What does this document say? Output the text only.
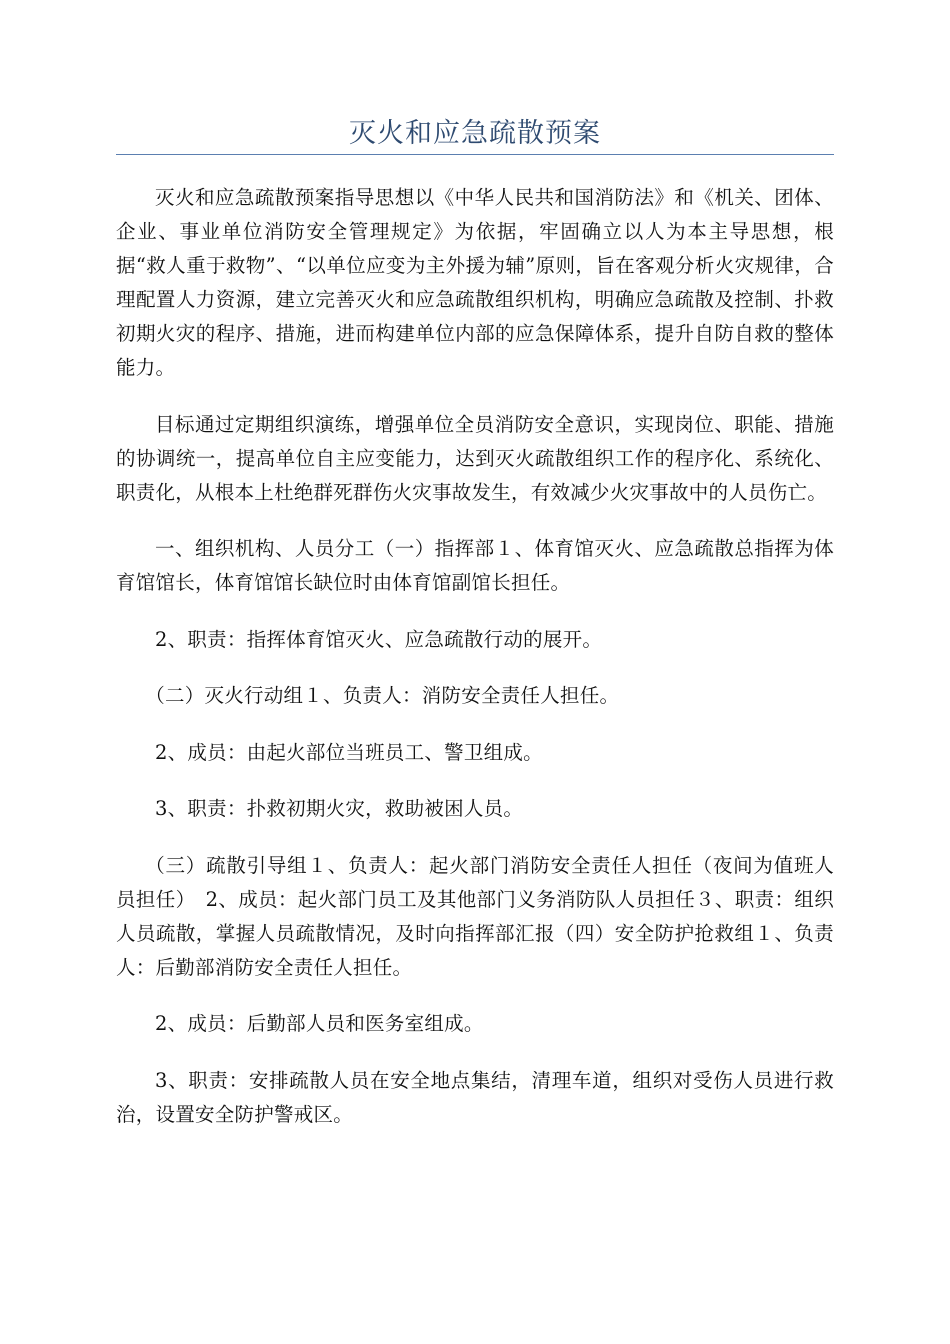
灭火和应急疏散预案

灭火和应急疏散预案指导思想以《中华人民共和国消防法》和《机关、团体、企业、事业单位消防安全管理规定》为依据，牢固确立以人为本主导思想，根据“救人重于救物”、“以单位应变为主外援为辅”原则，旨在客观分析火灾规律，合理配置人力资源，建立完善灭火和应急疏散组织机构，明确应急疏散及控制、扑救初期火灾的程序、措施，进而构建单位内部的应急保障体系，提升自防自救的整体能力。

目标通过定期组织演练，增强单位全员消防安全意识，实现岗位、职能、措施的协调统一，提高单位自主应变能力，达到灭火疏散组织工作的程序化、系统化、职责化，从根本上杜绝群死群伤火灾事故发生，有效减少火灾事故中的人员伤亡。

一、组织机构、人员分工（一）指挥部１、体育馆灭火、应急疏散总指挥为体育馆馆长，体育馆馆长缺位时由体育馆副馆长担任。

2、职责：指挥体育馆灭火、应急疏散行动的展开。

（二）灭火行动组１、负责人：消防安全责任人担任。

2、成员：由起火部位当班员工、警卫组成。

3、职责：扑救初期火灾，救助被困人员。

（三）疏散引导组１、负责人：起火部门消防安全责任人担任（夜间为值班人员担任）　2、成员：起火部门员工及其他部门义务消防队人员担任３、职责：组织人员疏散，掌握人员疏散情况，及时向指挥部汇报（四）安全防护抢救组１、负责人：后勤部消防安全责任人担任。

2、成员：后勤部人员和医务室组成。

3、职责：安排疏散人员在安全地点集结，清理车道，组织对受伤人员进行救治，设置安全防护警戒区。
